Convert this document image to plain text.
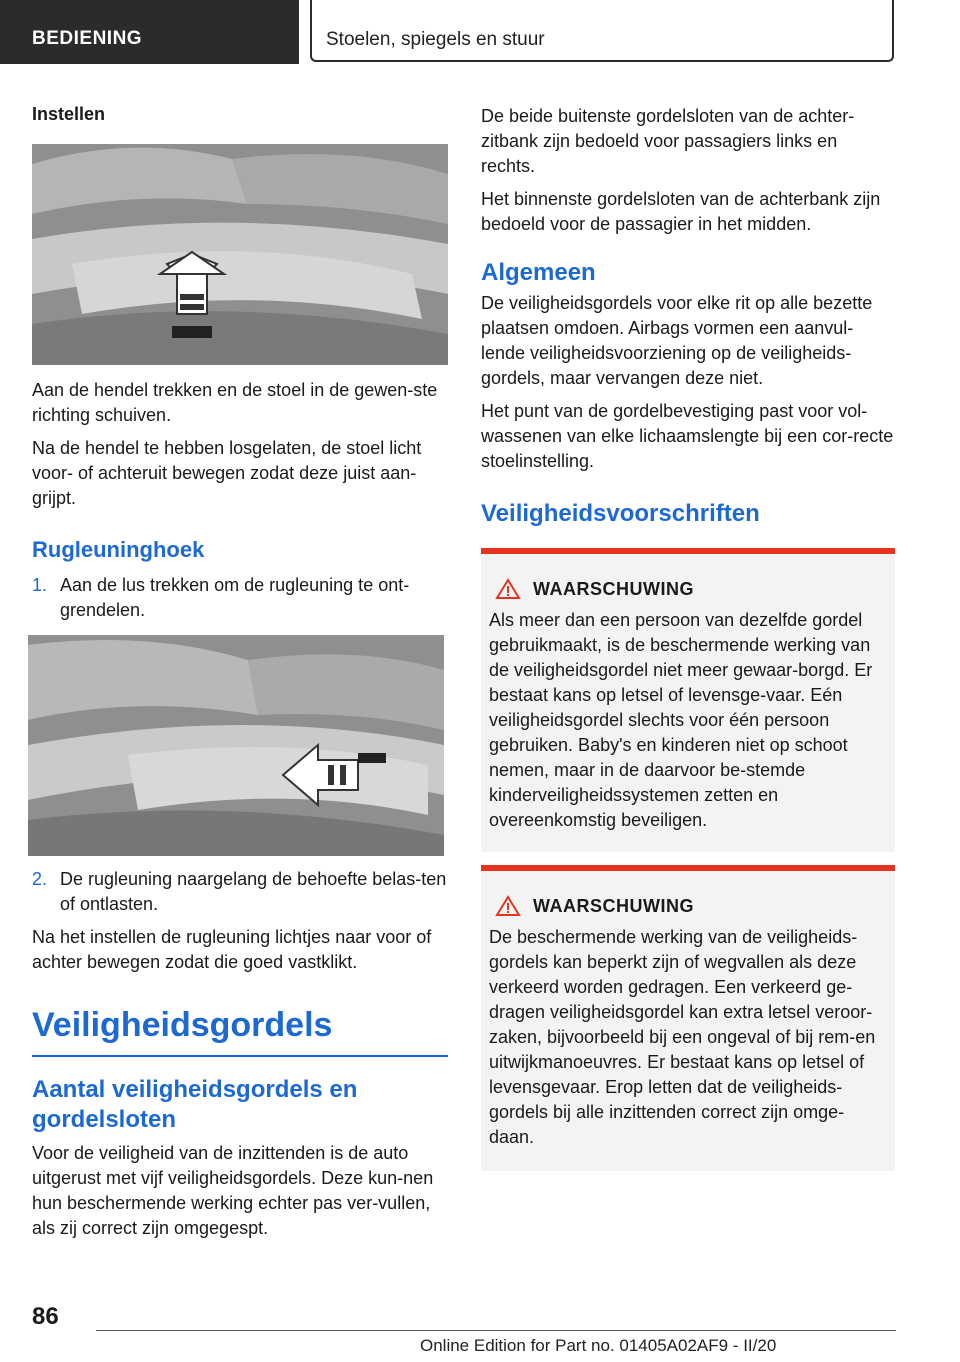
BEDIENING	Stoelen, spiegels en stuur
Instellen

Aan de hendel trekken en de stoel in de gewen-ste richting schuiven.

Na de hendel te hebben losgelaten, de stoel licht voor- of achteruit bewegen zodat deze juist aan-grijpt.

Rugleuninghoek
1. Aan de lus trekken om de rugleuning te ont-grendelen.
2. De rugleuning naargelang de behoefte belas-ten of ontlasten.

Na het instellen de rugleuning lichtjes naar voor of achter bewegen zodat die goed vastklikt.

Veiligheidsgordels
Aantal veiligheidsgordels en gordelsloten

Voor de veiligheid van de inzittenden is de auto uitgerust met vijf veiligheidsgordels. Deze kun-nen hun beschermende werking echter pas ver-vullen, als zij correct zijn omgegespt.

De beide buitenste gordelsloten van de achter-zitbank zijn bedoeld voor passagiers links en rechts.

Het binnenste gordelsloten van de achterbank zijn bedoeld voor de passagier in het midden.

Algemeen

De veiligheidsgordels voor elke rit op alle bezette plaatsen omdoen. Airbags vormen een aanvul-lende veiligheidsvoorziening op de veiligheids-gordels, maar vervangen deze niet.

Het punt van de gordelbevestiging past voor vol-wassenen van elke lichaamslengte bij een cor-recte stoelinstelling.

Veiligheidsvoorschriften
WAARSCHUWING

Als meer dan een persoon van dezelfde gordel gebruikmaakt, is de beschermende werking van de veiligheidsgordel niet meer gewaar-borgd. Er bestaat kans op letsel of levensge-vaar. Eén veiligheidsgordel slechts voor één persoon gebruiken. Baby's en kinderen niet op schoot nemen, maar in de daarvoor be-stemde kinderveiligheidssystemen zetten en overeenkomstig beveiligen.

WAARSCHUWING

De beschermende werking van de veiligheids-gordels kan beperkt zijn of wegvallen als deze verkeerd worden gedragen. Een verkeerd ge-dragen veiligheidsgordel kan extra letsel veroor-zaken, bijvoorbeeld bij een ongeval of bij rem-en uitwijkmanoeuvres. Er bestaat kans op letsel of levensgevaar. Erop letten dat de veiligheids-gordels bij alle inzittenden correct zijn omge-daan.

86
Online Edition for Part no. 01405A02AF9 - II/20
